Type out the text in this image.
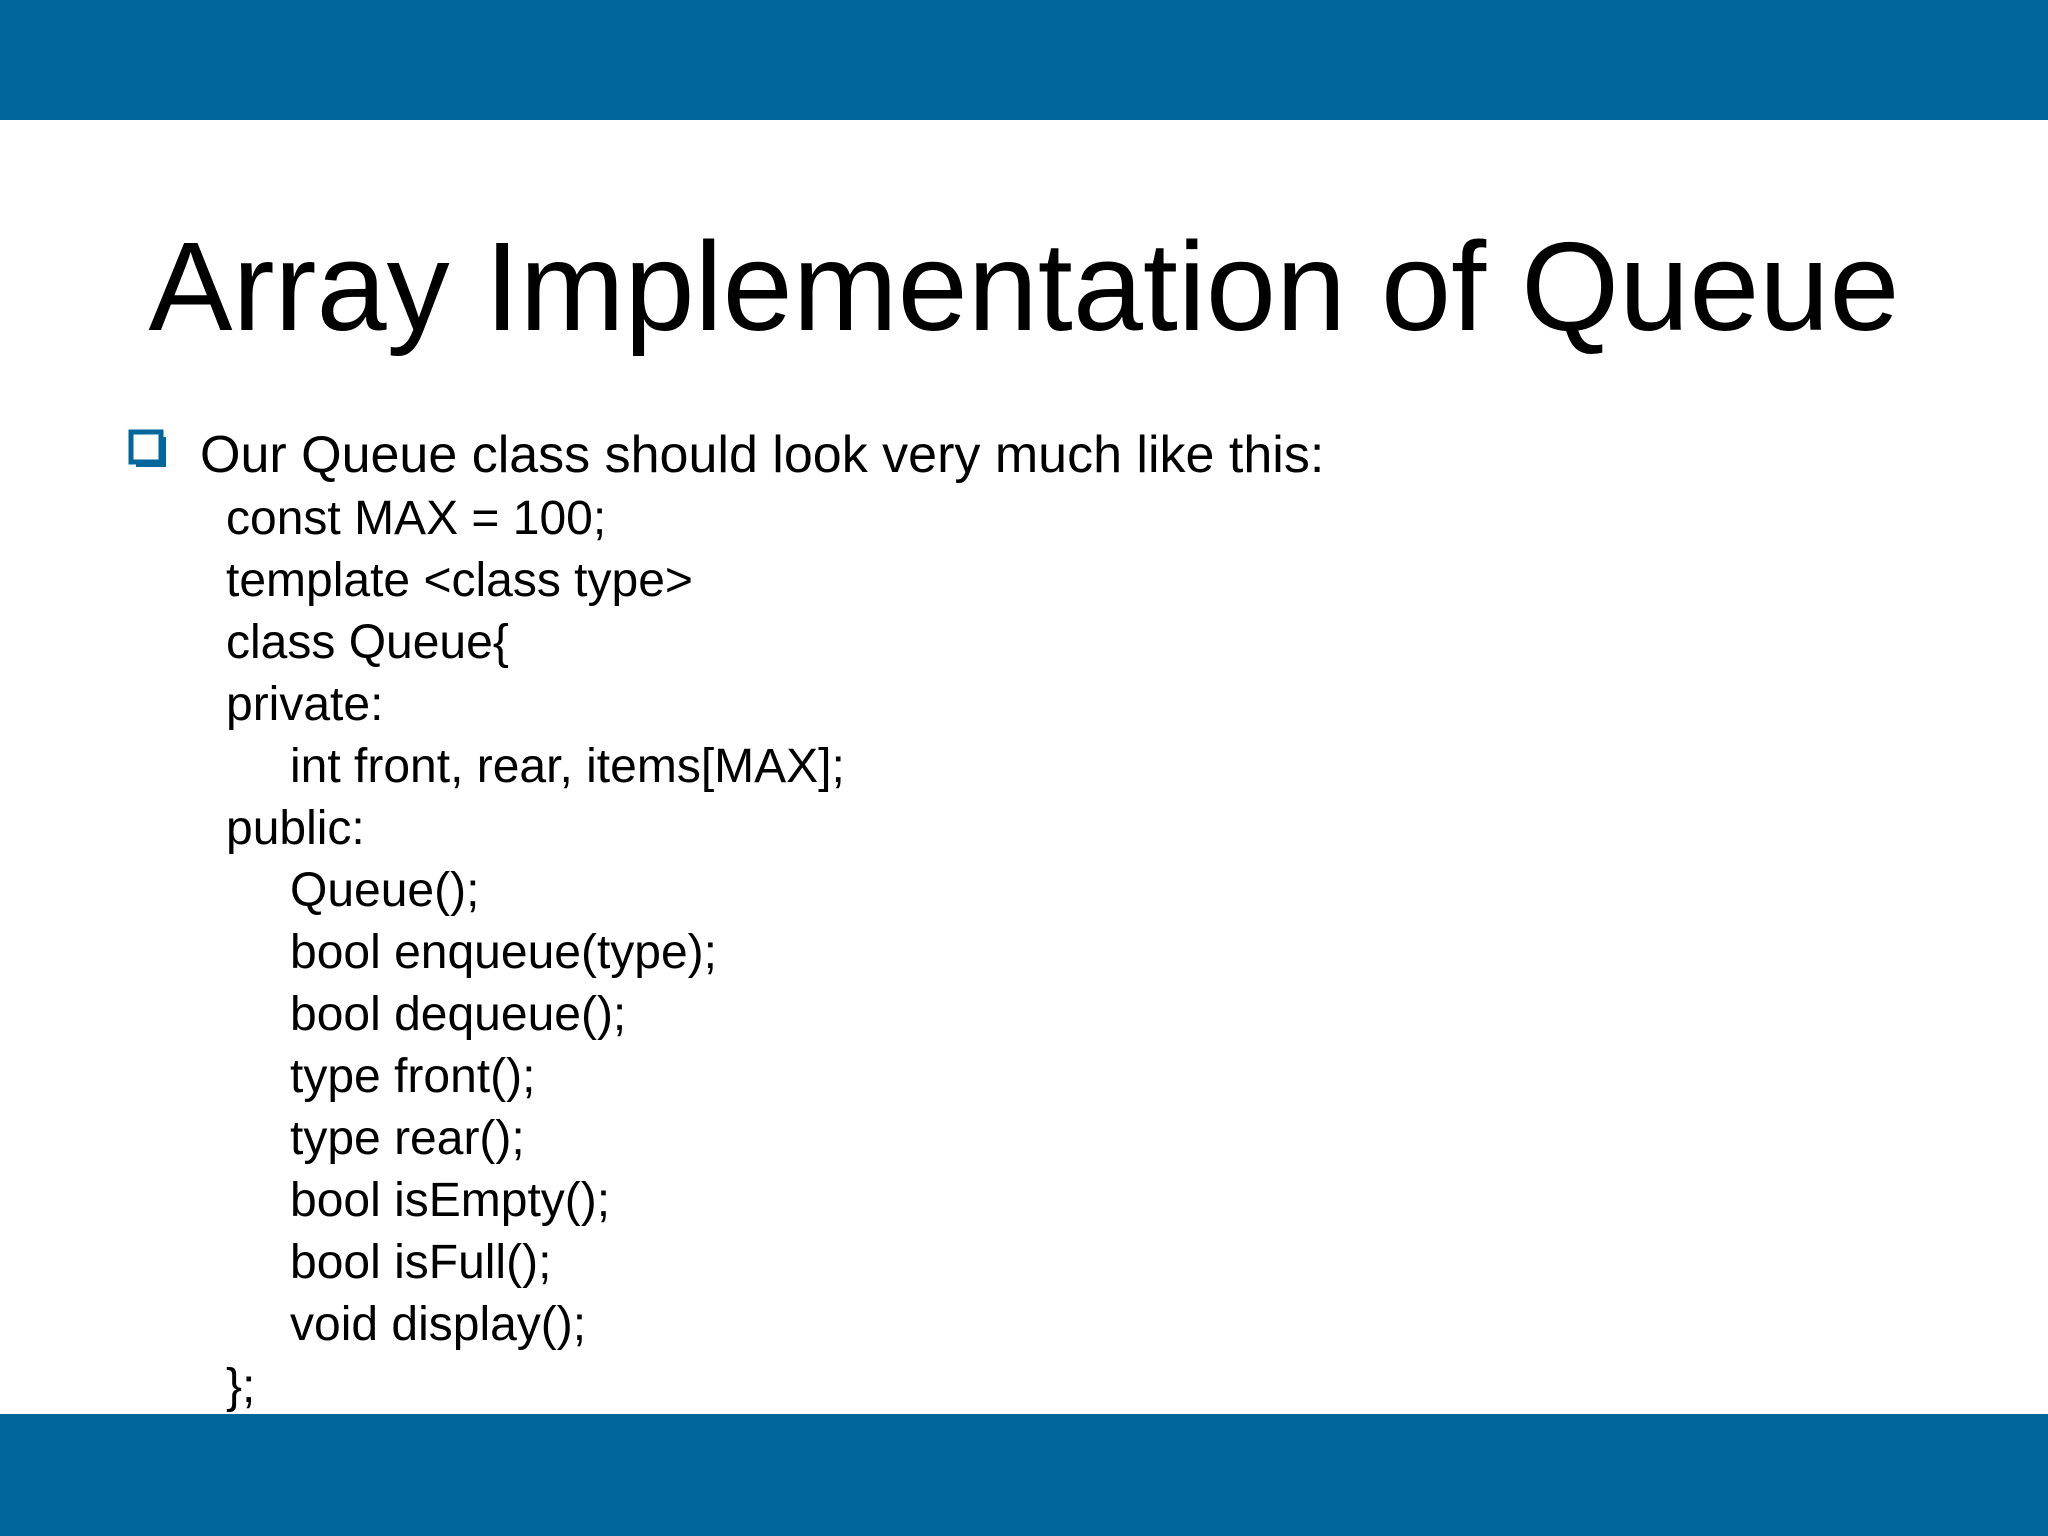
Array Implementation of Queue
Our Queue class should look very much like this:
const MAX = 100;
template <class type>
class Queue{
private:
int front, rear, items[MAX];
public:
Queue();
bool enqueue(type);
bool dequeue();
type front();
type rear();
bool isEmpty();
bool isFull();
void display();
};
